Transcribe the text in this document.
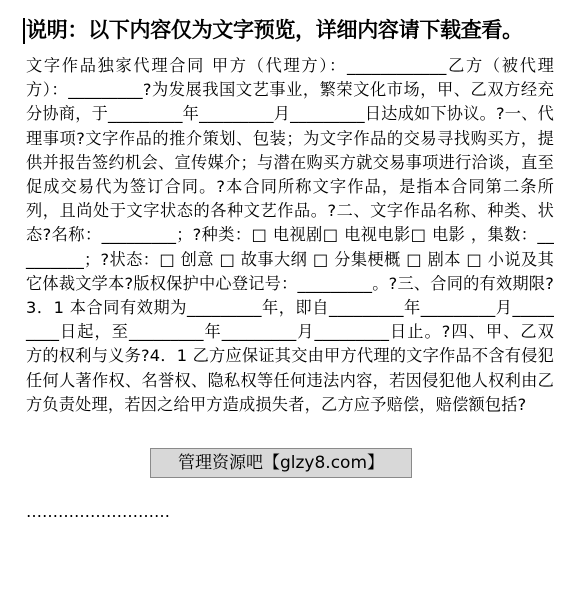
说明：以下内容仅为文字预览，详细内容请下载查看。
文字作品独家代理合同 甲方（代理方）：____________乙方（被代理方）：_________?为发展我国文艺事业，繁荣文化市场，甲、乙双方经充分协商，于_________年_________月_________日达成如下协议。?一、代理事项?文字作品的推介策划、包装；为文字作品的交易寻找购买方，提供并报告签约机会、宣传媒介；与潜在购买方就交易事项进行洽谈，直至促成交易代为签订合同。?本合同所称文字作品，是指本合同第二条所列，且尚处于文字状态的各种文艺作品。?二、文字作品名称、种类、状态?名称：_________；?种类：□ 电视剧□ 电视电影□ 电影 ，集数：_________；?状态：□ 创意 □ 故事大纲 □ 分集梗概 □ 剧本 □ 小说及其它体裁文学本?版权保护中心登记号：_________。?三、合同的有效期限?3．1 本合同有效期为_________年，即自_________年_________月_________日起，至_________年_________月_________日止。?四、甲、乙双方的权利与义务?4．1 乙方应保证其交由甲方代理的文字作品不含有侵犯任何人著作权、名誉权、隐私权等任何违法内容，若因侵犯他人权利由乙方负责处理，若因之给甲方造成损失者，乙方应予赔偿，赔偿额包括?
………………………
管理资源吧【glzy8.com】
